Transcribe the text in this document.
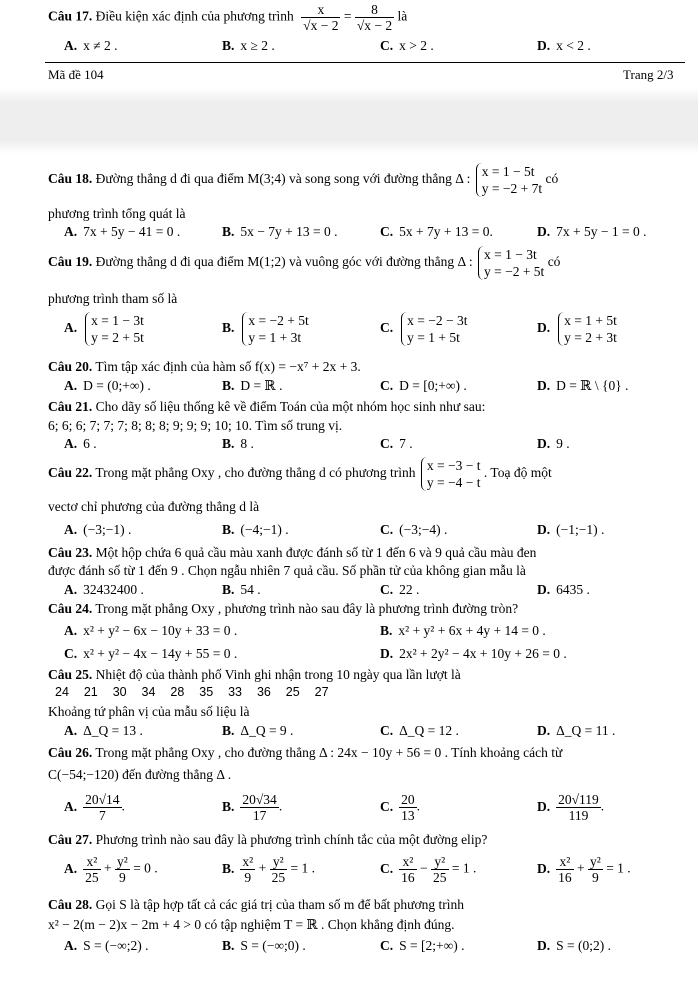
Câu 17. Điều kiện xác định của phương trình $\frac{x}{√x - 2} = \frac{8}{√x - 2}$ là
A. x ≠ 2 .	B. x ≥ 2 .	C. x > 2 .	D. x < 2 .
Mã đề 104	Trang 2/3
Câu 18. Đường thẳng d đi qua điểm M(3;4) và song song với đường thẳng Δ : x = 1 − 5t
y = −2 + 7t có
phương trình tổng quát là
A. 7x + 5y − 41 = 0 .	B. 5x − 7y + 13 = 0 .	C. 5x + 7y + 13 = 0.	D. 7x + 5y − 1 = 0 .
Câu 19. Đường thẳng d đi qua điểm M(1;2) và vuông góc với đường thẳng Δ : x = 1 − 3t
y = −2 + 5t có
phương trình tham số là
A. x = 1 − 3t
y = 2 + 5t
B. x = −2 + 5t
y = 1 + 3t
C. x = −2 − 3t
y = 1 + 5t
D. x = 1 + 5t
y = 2 + 3t
Câu 20. Tìm tập xác định của hàm số f(x) = −x⁷ + 2x + 3.
A. D = (0;+∞) .	B. D = ℝ .	C. D = [0;+∞) .	D. D = ℝ \ {0} .
Câu 21. Cho dãy số liệu thống kê về điểm Toán của một nhóm học sinh như sau:
6; 6; 6; 7; 7; 7; 8; 8; 8; 9; 9; 9; 10; 10. Tìm số trung vị.
A. 6 .	B. 8 .	C. 7 .	D. 9 .
Câu 22. Trong mặt phẳng Oxy , cho đường thẳng d có phương trình x = −3 − t
y = −4 − t . Toạ độ một
vectơ chỉ phương của đường thẳng d là
A. (−3;−1) .	B. (−4;−1) .	C. (−3;−4) .	D. (−1;−1) .
Câu 23. Một hộp chứa 6 quả cầu màu xanh được đánh số từ 1 đến 6 và 9 quả cầu màu đen
được đánh số từ 1 đến 9 . Chọn ngẫu nhiên 7 quả cầu. Số phần tử của không gian mẫu là
A. 32432400 .	B. 54 .	C. 22 .	D. 6435 .
Câu 24. Trong mặt phẳng Oxy , phương trình nào sau đây là phương trình đường tròn?
A. x² + y² − 6x − 10y + 33 = 0 .	B. x² + y² + 6x + 4y + 14 = 0 .
C. x² + y² − 4x − 14y + 55 = 0 .	D. 2x² + 2y² − 4x + 10y + 26 = 0 .
Câu 25. Nhiệt độ của thành phố Vinh ghi nhận trong 10 ngày qua lần lượt là
24  21  30  34  28  35  33  36  25  27
Khoảng tứ phân vị của mẫu số liệu là
A. Δ_Q = 13 .	B. Δ_Q = 9 .	C. Δ_Q = 12 .	D. Δ_Q = 11 .
Câu 26. Trong mặt phẳng Oxy , cho đường thẳng Δ : 24x − 10y + 56 = 0 . Tính khoảng cách từ
C(−54;−120) đến đường thẳng Δ .
A. $\frac{20√14}{7}$ .	B. $\frac{20√34}{17}$ .	C. $\frac{20}{13}$ .	D. $\frac{20√119}{119}$ .
Câu 27. Phương trình nào sau đây là phương trình chính tắc của một đường elip?
A. $\frac{\text{x²}}{25} + \frac{\text{y²}}{9} = 0$ .	B. $\frac{\text{x²}}{9} + \frac{\text{y²}}{25} = 1$ .	C. $\frac{\text{x²}}{16} - \frac{\text{y²}}{25} = 1$ .	D. $\frac{\text{x²}}{16} + \frac{\text{y²}}{9} = 1$ .
Câu 28. Gọi S là tập hợp tất cả các giá trị của tham số m để bất phương trình
x² − 2(m − 2)x − 2m + 4 > 0 có tập nghiệm T = ℝ . Chọn khẳng định đúng.
A. S = (−∞;2) .	B. S = (−∞;0) .	C. S = [2;+∞) .	D. S = (0;2) .
